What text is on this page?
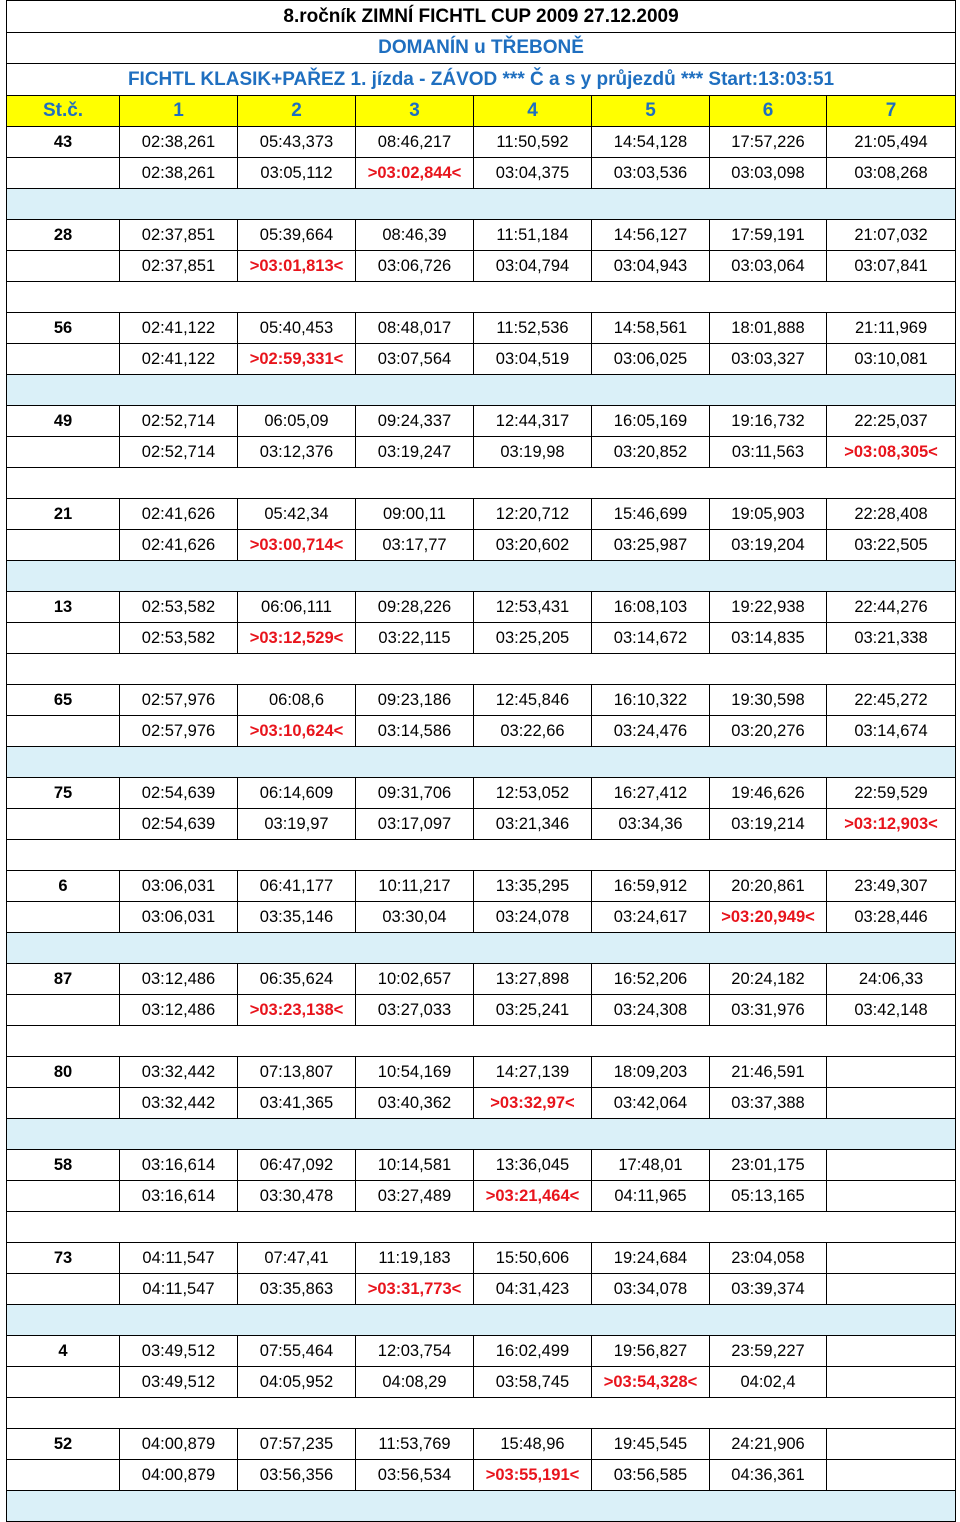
8.ročník ZIMNÍ FICHTL CUP 2009 27.12.2009							
DOMANÍN u TŘEBONĚ							
FICHTL KLASIK+PAŘEZ 1. jízda - ZÁVOD *** Č a s y průjezdů *** Start:13:03:51							
St.č.	1	2	3	4	5	6	7
43	02:38,261	05:43,373	08:46,217	11:50,592	14:54,128	17:57,226	21:05,494
	02:38,261	03:05,112	>03:02,844<	03:04,375	03:03,536	03:03,098	03:08,268

28	02:37,851	05:39,664	08:46,39	11:51,184	14:56,127	17:59,191	21:07,032
	02:37,851	>03:01,813<	03:06,726	03:04,794	03:04,943	03:03,064	03:07,841

56	02:41,122	05:40,453	08:48,017	11:52,536	14:58,561	18:01,888	21:11,969
	02:41,122	>02:59,331<	03:07,564	03:04,519	03:06,025	03:03,327	03:10,081

49	02:52,714	06:05,09	09:24,337	12:44,317	16:05,169	19:16,732	22:25,037
	02:52,714	03:12,376	03:19,247	03:19,98	03:20,852	03:11,563	>03:08,305<

21	02:41,626	05:42,34	09:00,11	12:20,712	15:46,699	19:05,903	22:28,408
	02:41,626	>03:00,714<	03:17,77	03:20,602	03:25,987	03:19,204	03:22,505

13	02:53,582	06:06,111	09:28,226	12:53,431	16:08,103	19:22,938	22:44,276
	02:53,582	>03:12,529<	03:22,115	03:25,205	03:14,672	03:14,835	03:21,338

65	02:57,976	06:08,6	09:23,186	12:45,846	16:10,322	19:30,598	22:45,272
	02:57,976	>03:10,624<	03:14,586	03:22,66	03:24,476	03:20,276	03:14,674

75	02:54,639	06:14,609	09:31,706	12:53,052	16:27,412	19:46,626	22:59,529
	02:54,639	03:19,97	03:17,097	03:21,346	03:34,36	03:19,214	>03:12,903<

6	03:06,031	06:41,177	10:11,217	13:35,295	16:59,912	20:20,861	23:49,307
	03:06,031	03:35,146	03:30,04	03:24,078	03:24,617	>03:20,949<	03:28,446

87	03:12,486	06:35,624	10:02,657	13:27,898	16:52,206	20:24,182	24:06,33
	03:12,486	>03:23,138<	03:27,033	03:25,241	03:24,308	03:31,976	03:42,148

80	03:32,442	07:13,807	10:54,169	14:27,139	18:09,203	21:46,591	
	03:32,442	03:41,365	03:40,362	>03:32,97<	03:42,064	03:37,388	

58	03:16,614	06:47,092	10:14,581	13:36,045	17:48,01	23:01,175	
	03:16,614	03:30,478	03:27,489	>03:21,464<	04:11,965	05:13,165	

73	04:11,547	07:47,41	11:19,183	15:50,606	19:24,684	23:04,058	
	04:11,547	03:35,863	>03:31,773<	04:31,423	03:34,078	03:39,374	

4	03:49,512	07:55,464	12:03,754	16:02,499	19:56,827	23:59,227	
	03:49,512	04:05,952	04:08,29	03:58,745	>03:54,328<	04:02,4	

52	04:00,879	07:57,235	11:53,769	15:48,96	19:45,545	24:21,906	
	04:00,879	03:56,356	03:56,534	>03:55,191<	03:56,585	04:36,361	
